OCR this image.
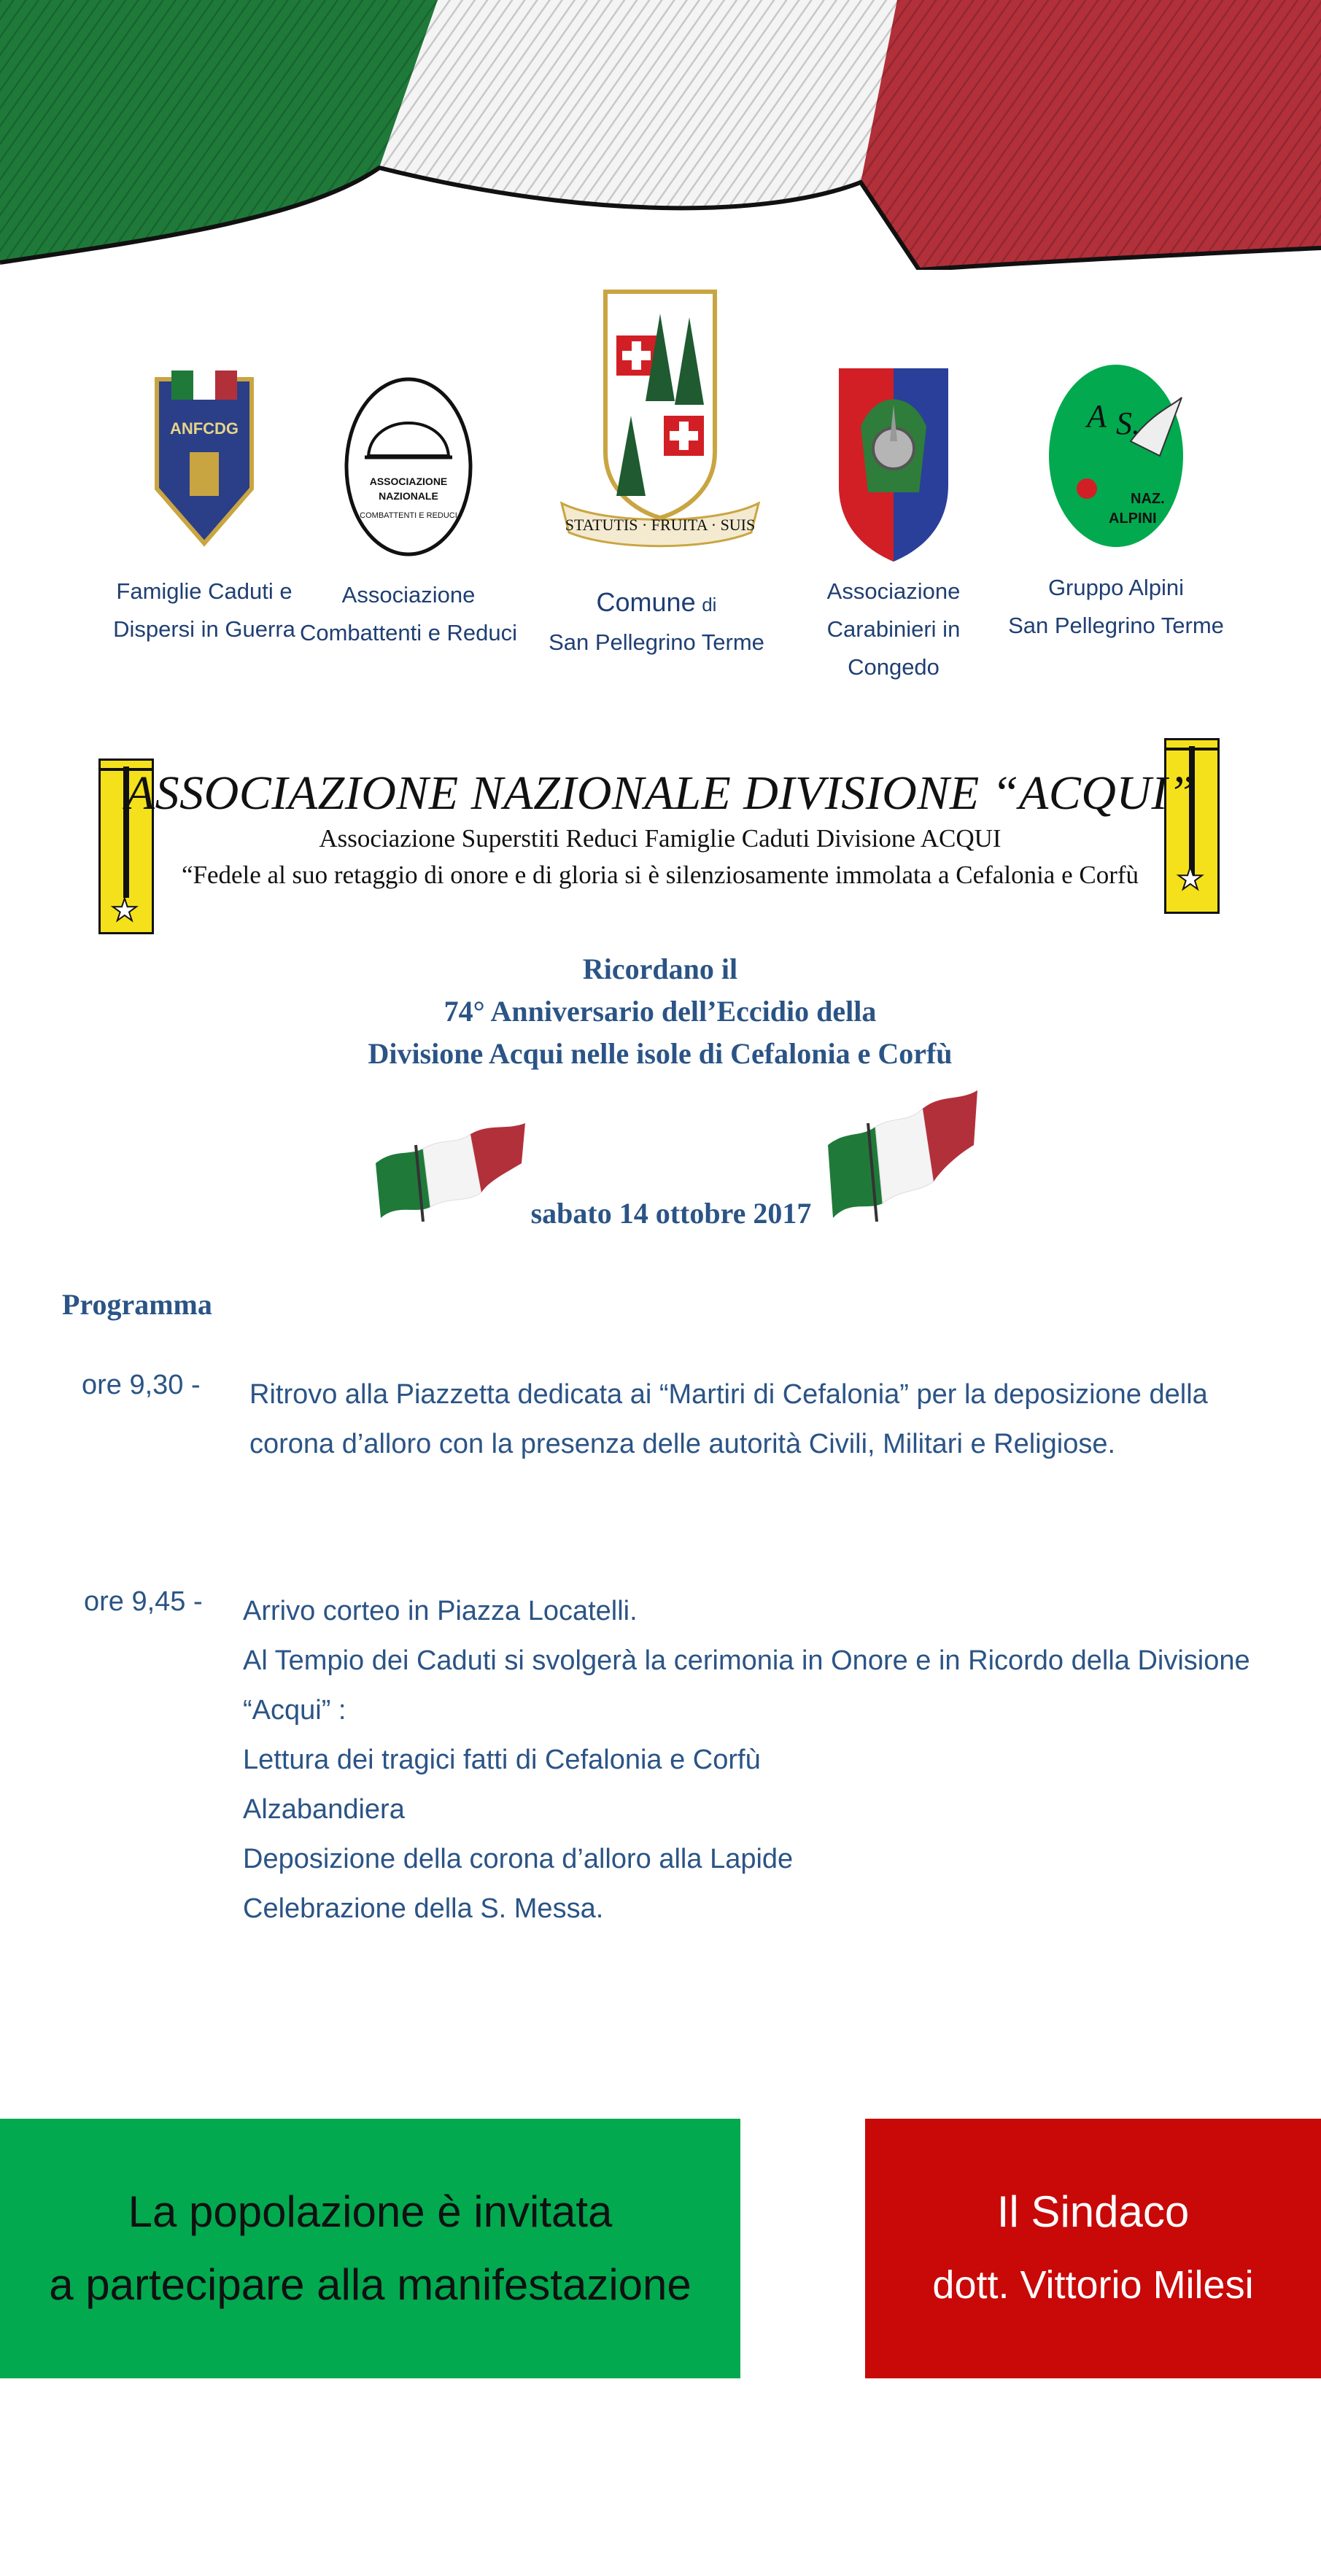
ANFCDG
Famiglie Caduti e
Dispersi in Guerra
ASSOCIAZIONE
NAZIONALE
COMBATTENTI E REDUCI
Associazione
Combattenti e Reduci
STATUTIS · FRUITA · SUIS
Comune di
San Pellegrino Terme
Associazione
Carabinieri in Congedo
A S.
NAZ.
ALPINI
Gruppo Alpini
San Pellegrino Terme
★
★
ASSOCIAZIONE NAZIONALE DIVISIONE “ACQUI”
Associazione Superstiti Reduci Famiglie Caduti Divisione ACQUI
“Fedele al suo retaggio di onore e di gloria si è silenziosamente immolata a Cefalonia e Corfù
Ricordano il
74° Anniversario dell’Eccidio della
Divisione Acqui nelle isole di Cefalonia e Corfù
sabato 14 ottobre 2017
Programma
ore 9,30 - Ritrovo alla Piazzetta dedicata ai “Martiri di Cefalonia” per la deposizione della
corona d’alloro con la presenza delle autorità Civili, Militari e Religiose.
ore 9,45 - Arrivo corteo in Piazza Locatelli.
Al Tempio dei Caduti si svolgerà la cerimonia in Onore e in Ricordo della Divisione
“Acqui” :
Lettura dei tragici fatti di Cefalonia e Corfù
Alzabandiera
Deposizione della corona d’alloro alla Lapide
Celebrazione della S. Messa.
La popolazione è invitata
a partecipare alla manifestazione
Il Sindaco
dott. Vittorio Milesi
